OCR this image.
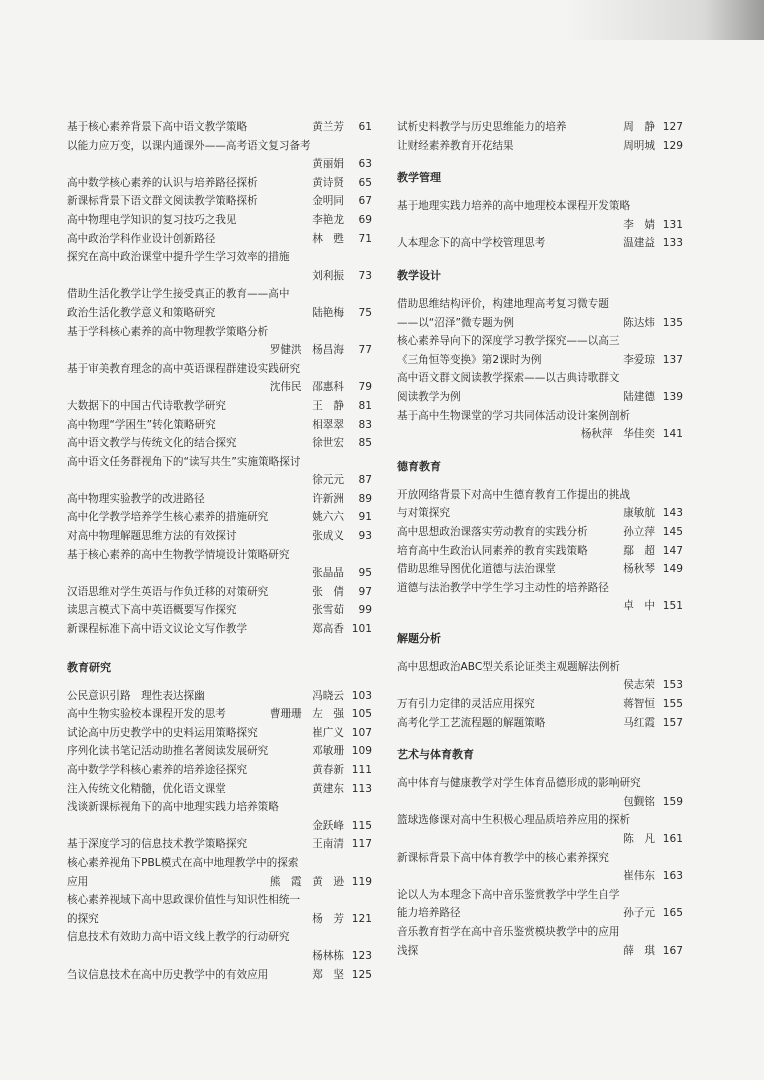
基于核心素养背景下高中语文教学策略	黄兰芳 61
以能力应万变，以课内通课外——高考语文复习备考
黄丽娟 63
高中数学核心素养的认识与培养路径探析	黄诗贤 65
新课标背景下语文群文阅读教学策略探析	金明同 67
高中物理电学知识的复习技巧之我见	李艳龙 69
高中政治学科作业设计创新路径	林　甦 71
探究在高中政治课堂中提升学生学习效率的措施
刘利振 73
借助生活化教学让学生接受真正的教育——高中
政治生活化教学意义和策略研究	陆艳梅 75
基于学科核心素养的高中物理教学策略分析
罗健洪　杨昌海 77
基于审美教育理念的高中英语课程群建设实践研究
沈伟民　邵惠科 79
大数据下的中国古代诗歌教学研究	王　静 81
高中物理“学困生”转化策略研究	相翠翠 83
高中语文教学与传统文化的结合探究	徐世宏 85
高中语文任务群视角下的“读写共生”实施策略探讨
徐元元 87
高中物理实验教学的改进路径	许新洲 89
高中化学教学培养学生核心素养的措施研究	姚六六 91
对高中物理解题思维方法的有效探讨	张成义 93
基于核心素养的高中生物教学情境设计策略研究
张晶晶 95
汉语思维对学生英语与作负迁移的对策研究	张　倩 97
读思言模式下高中英语概要写作探究	张雪茹 99
新课程标准下高中语文议论文写作教学	郑高香 101
教育研究
公民意识引路　理性表达探幽	冯晓云 103
高中生物实验校本课程开发的思考	曹珊珊　左　强 105
试论高中历史教学中的史料运用策略探究	崔广义 107
序列化读书笔记活动助推名著阅读发展研究	邓敏珊 109
高中数学学科核心素养的培养途径探究	黄春新 111
注入传统文化精髓，优化语文课堂	黄建东 113
浅谈新课标视角下的高中地理实践力培养策略
金跃峰 115
基于深度学习的信息技术教学策略探究	王南清 117
核心素养视角下PBL模式在高中地理教学中的探索
应用	熊　霞　黄　逊 119
核心素养视域下高中思政课价值性与知识性相统一
的探究	杨　芳 121
信息技术有效助力高中语文线上教学的行动研究
杨林栋 123
刍议信息技术在高中历史教学中的有效应用	郑　坚 125
试析史料教学与历史思维能力的培养	周　静 127
让财经素养教育开花结果	周明城 129
教学管理
基于地理实践力培养的高中地理校本课程开发策略
李　婧 131
人本理念下的高中学校管理思考	温建益 133
教学设计
借助思维结构评价，构建地理高考复习微专题
——以“沼泽”微专题为例	陈达炜 135
核心素养导向下的深度学习教学探究——以高三
《三角恒等变换》第2课时为例	李爱琼 137
高中语文群文阅读教学探索——以古典诗歌群文
阅读教学为例	陆建德 139
基于高中生物课堂的学习共同体活动设计案例剖析
杨秋萍　华佳奕 141
德育教育
开放网络背景下对高中生德育教育工作提出的挑战
与对策探究	康敏航 143
高中思想政治课落实劳动教育的实践分析	孙立萍 145
培育高中生政治认同素养的教育实践策略	鄢　超 147
借助思维导图优化道德与法治课堂	杨秋琴 149
道德与法治教学中学生学习主动性的培养路径
卓　中 151
解题分析
高中思想政治ABC型关系论证类主观题解法例析
侯志荣 153
万有引力定律的灵活应用探究	蒋智恒 155
高考化学工艺流程题的解题策略	马红霞 157
艺术与体育教育
高中体育与健康教学对学生体育品德形成的影响研究
包觐铭 159
篮球选修课对高中生积极心理品质培养应用的探析
陈　凡 161
新课标背景下高中体育教学中的核心素养探究
崔伟东 163
论以人为本理念下高中音乐鉴赏教学中学生自学
能力培养路径	孙子元 165
音乐教育哲学在高中音乐鉴赏模块教学中的应用
浅探	薛　琪 167
